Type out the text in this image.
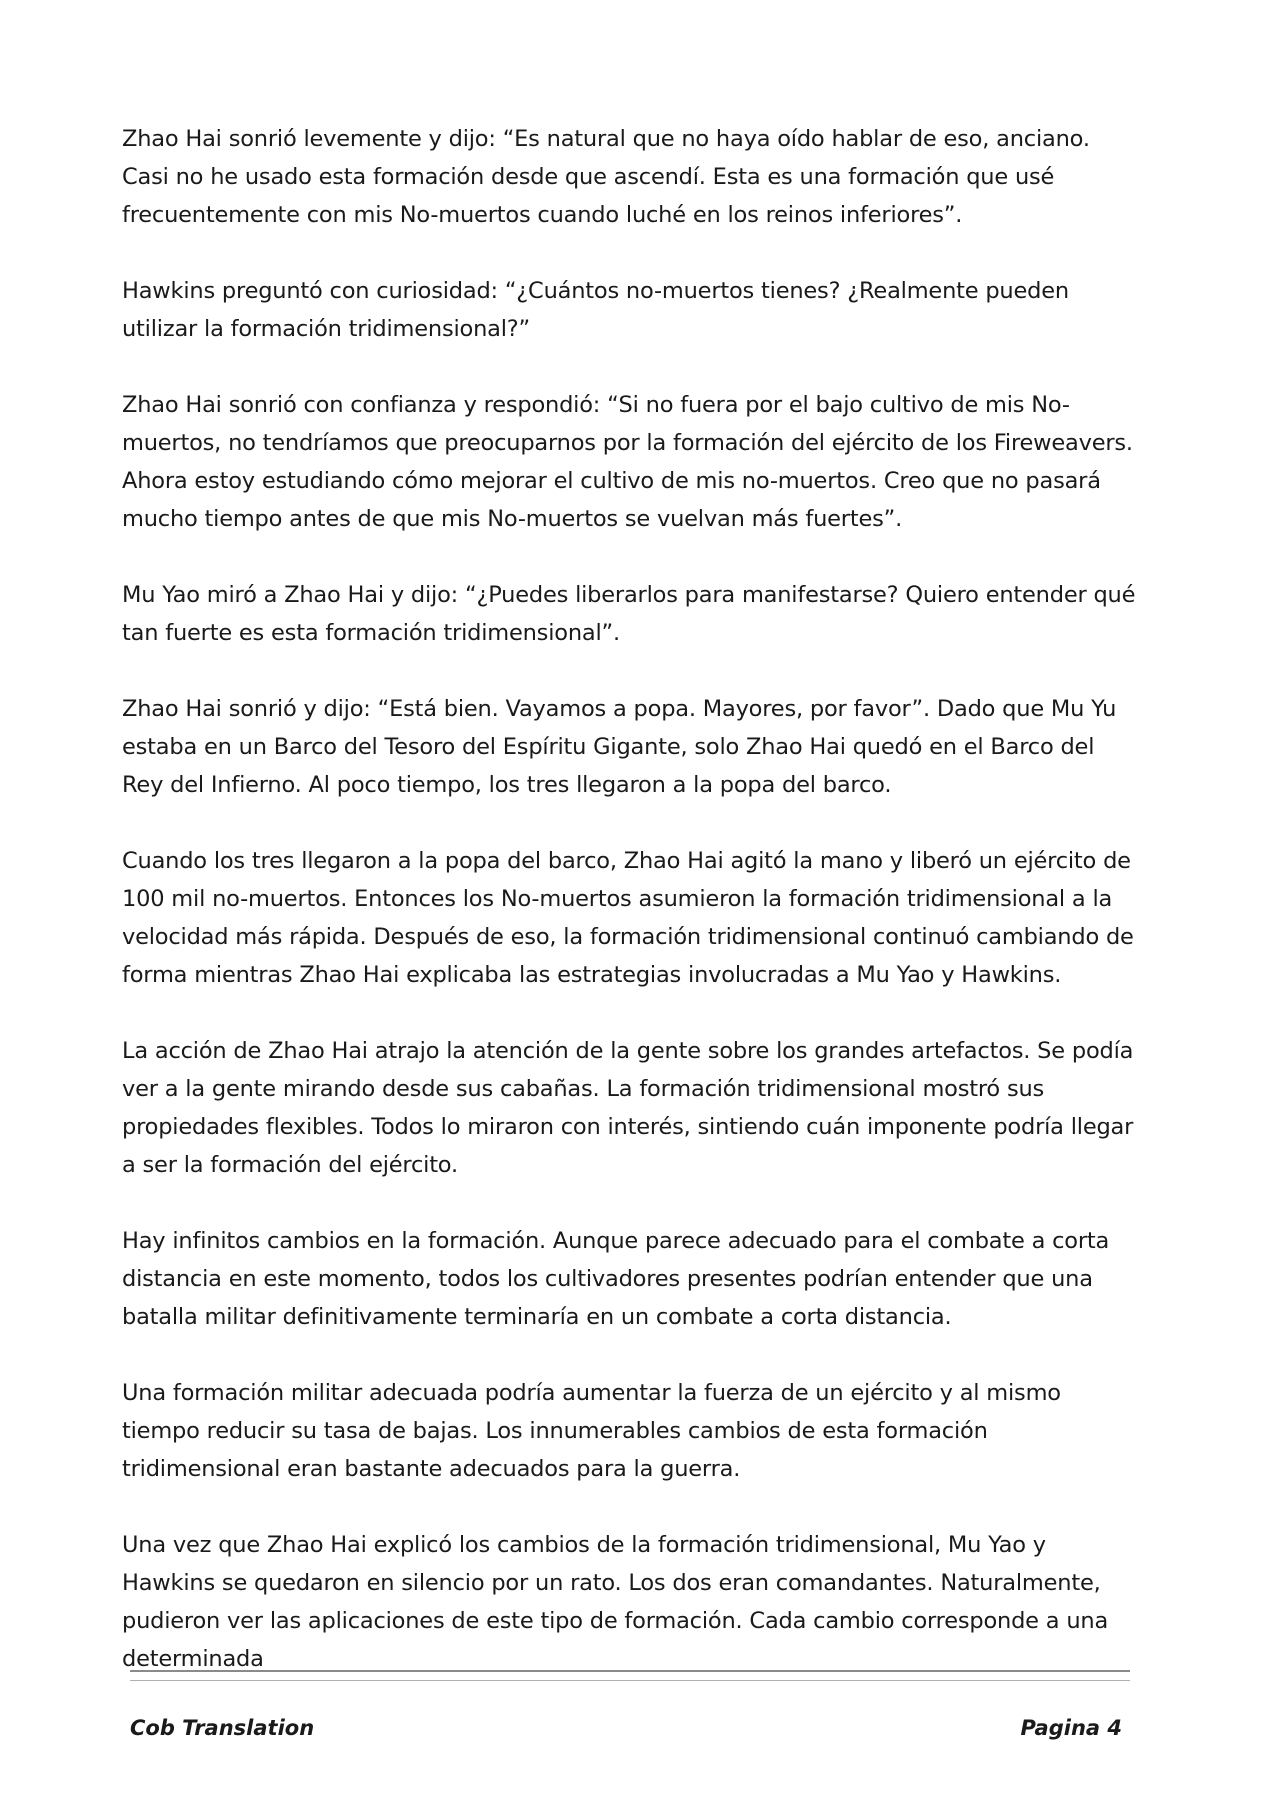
Zhao Hai sonrió levemente y dijo: “Es natural que no haya oído hablar de eso, anciano. Casi no he usado esta formación desde que ascendí. Esta es una formación que usé frecuentemente con mis No-muertos cuando luché en los reinos inferiores”.

Hawkins preguntó con curiosidad: “¿Cuántos no-muertos tienes? ¿Realmente pueden utilizar la formación tridimensional?”

Zhao Hai sonrió con confianza y respondió: “Si no fuera por el bajo cultivo de mis No-muertos, no tendríamos que preocuparnos por la formación del ejército de los Fireweavers. Ahora estoy estudiando cómo mejorar el cultivo de mis no-muertos. Creo que no pasará mucho tiempo antes de que mis No-muertos se vuelvan más fuertes”.

Mu Yao miró a Zhao Hai y dijo: “¿Puedes liberarlos para manifestarse? Quiero entender qué tan fuerte es esta formación tridimensional”.

Zhao Hai sonrió y dijo: “Está bien. Vayamos a popa. Mayores, por favor”. Dado que Mu Yu estaba en un Barco del Tesoro del Espíritu Gigante, solo Zhao Hai quedó en el Barco del Rey del Infierno. Al poco tiempo, los tres llegaron a la popa del barco.

Cuando los tres llegaron a la popa del barco, Zhao Hai agitó la mano y liberó un ejército de 100 mil no-muertos. Entonces los No-muertos asumieron la formación tridimensional a la velocidad más rápida. Después de eso, la formación tridimensional continuó cambiando de forma mientras Zhao Hai explicaba las estrategias involucradas a Mu Yao y Hawkins.

La acción de Zhao Hai atrajo la atención de la gente sobre los grandes artefactos. Se podía ver a la gente mirando desde sus cabañas. La formación tridimensional mostró sus propiedades flexibles. Todos lo miraron con interés, sintiendo cuán imponente podría llegar a ser la formación del ejército.

Hay infinitos cambios en la formación. Aunque parece adecuado para el combate a corta distancia en este momento, todos los cultivadores presentes podrían entender que una batalla militar definitivamente terminaría en un combate a corta distancia.

Una formación militar adecuada podría aumentar la fuerza de un ejército y al mismo tiempo reducir su tasa de bajas. Los innumerables cambios de esta formación tridimensional eran bastante adecuados para la guerra.

Una vez que Zhao Hai explicó los cambios de la formación tridimensional, Mu Yao y Hawkins se quedaron en silencio por un rato. Los dos eran comandantes. Naturalmente, pudieron ver las aplicaciones de este tipo de formación. Cada cambio corresponde a una determinada

Cob Translation	Pagina 4
